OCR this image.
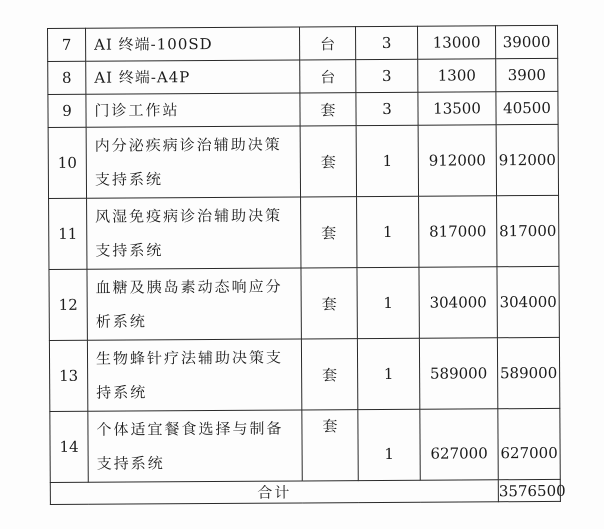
7	AI 终端-100SD	台	3	13000	39000
8	AI 终端-A4P	台	3	1300	3900
9	门诊工作站	套	3	13500	40500
10	内分泌疾病诊治辅助决策支持系统	套	1	912000	912000
11	风湿免疫病诊治辅助决策支持系统	套	1	817000	817000
12	血糖及胰岛素动态响应分析系统	套	1	304000	304000
13	生物蜂针疗法辅助决策支持系统	套	1	589000	589000
14	个体适宜餐食选择与制备支持系统	套	1	627000	627000

合计					3576500
